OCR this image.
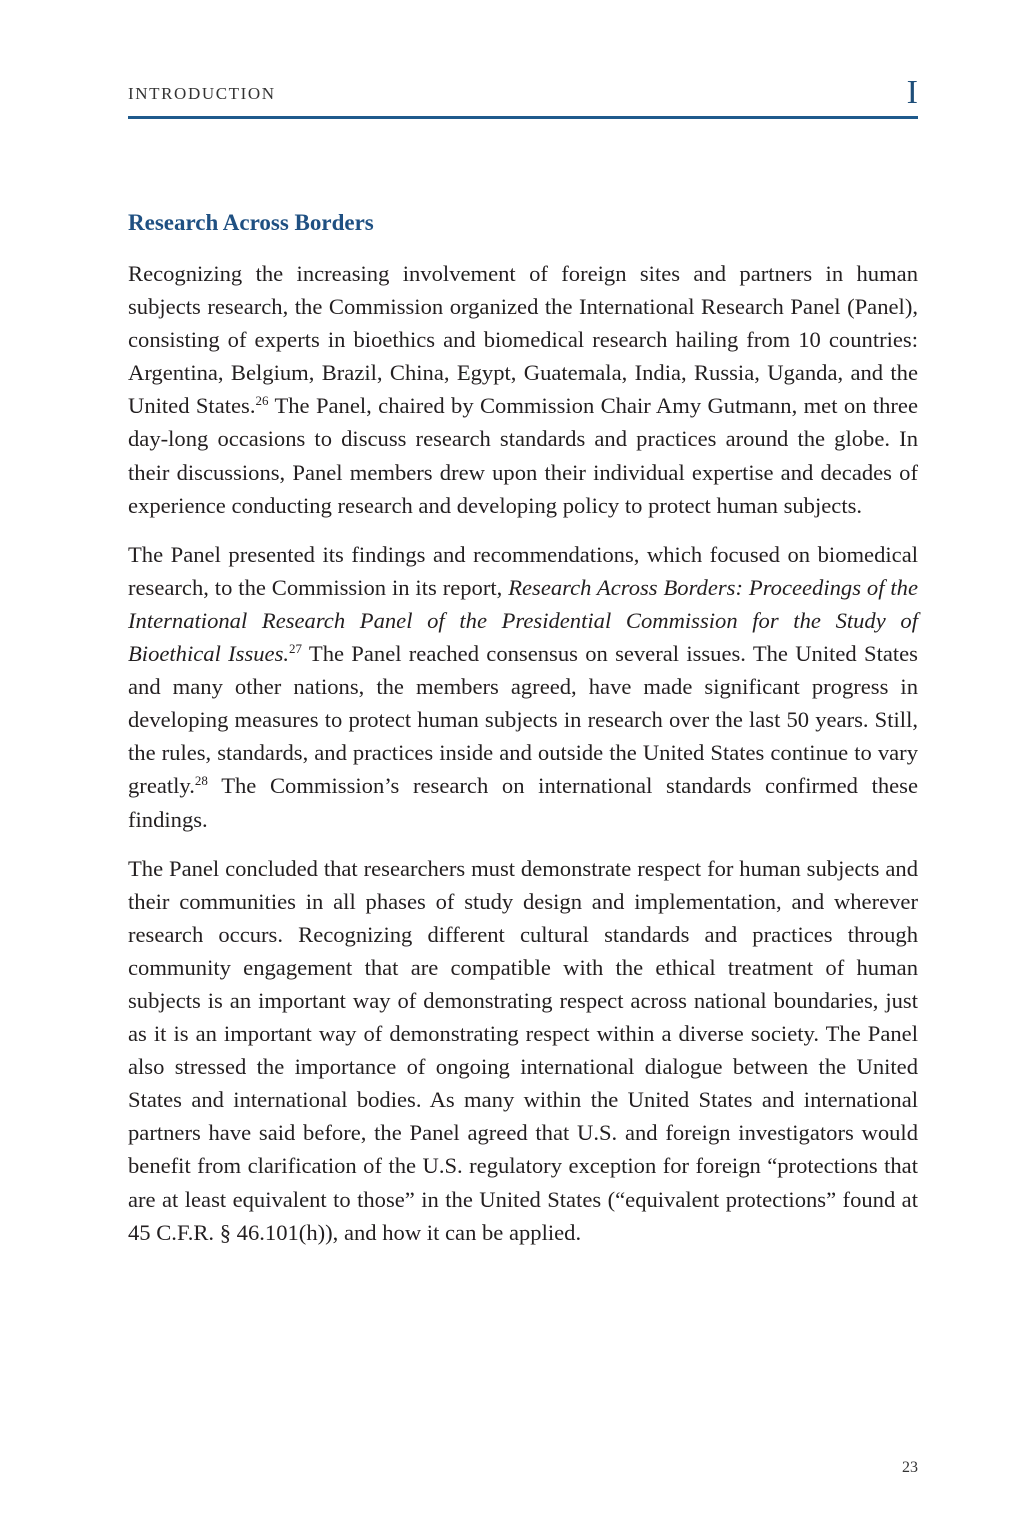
INTRODUCTION	I
Research Across Borders

Recognizing the increasing involvement of foreign sites and partners in human subjects research, the Commission organized the International Research Panel (Panel), consisting of experts in bioethics and biomedical research hailing from 10 countries: Argentina, Belgium, Brazil, China, Egypt, Guatemala, India, Russia, Uganda, and the United States.$^{26}$ The Panel, chaired by Commission Chair Amy Gutmann, met on three day-long occasions to discuss research standards and practices around the globe. In their discussions, Panel members drew upon their individual expertise and decades of experience conducting research and developing policy to protect human subjects.

The Panel presented its findings and recommendations, which focused on biomedical research, to the Commission in its report, Research Across Borders: Proceedings of the International Research Panel of the Presidential Commission for the Study of Bioethical Issues.$^{27}$ The Panel reached consensus on several issues. The United States and many other nations, the members agreed, have made significant progress in developing measures to protect human subjects in research over the last 50 years. Still, the rules, standards, and practices inside and outside the United States continue to vary greatly.$^{28}$ The Commission’s research on international standards confirmed these findings.

The Panel concluded that researchers must demonstrate respect for human subjects and their communities in all phases of study design and implementation, and wherever research occurs. Recognizing different cultural standards and practices through community engagement that are compatible with the ethical treatment of human subjects is an important way of demonstrating respect across national boundaries, just as it is an important way of demonstrating respect within a diverse society. The Panel also stressed the importance of ongoing international dialogue between the United States and international bodies. As many within the United States and international partners have said before, the Panel agreed that U.S. and foreign investigators would benefit from clarification of the U.S. regulatory exception for foreign “protections that are at least equivalent to those” in the United States (“equivalent protections” found at 45 C.F.R. § 46.101(h)), and how it can be applied.

23
